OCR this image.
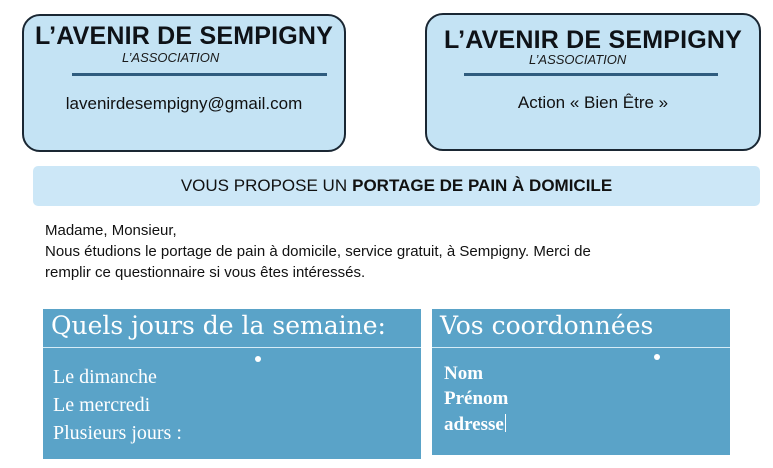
L’AVENIR DE SEMPIGNY
L’ASSOCIATION
lavenirdesempigny@gmail.com
L’AVENIR DE SEMPIGNY
L’ASSOCIATION
Action « Bien Être »
VOUS PROPOSE UN PORTAGE DE PAIN À DOMICILE
Madame, Monsieur,
Nous étudions le portage de pain à domicile, service gratuit, à Sempigny. Merci de
remplir ce questionnaire si vous êtes intéressés.
Quels jours de la semaine:
Le dimanche
Le mercredi
Plusieurs jours :
Vos coordonnées
Nom
Prénom
adresse
